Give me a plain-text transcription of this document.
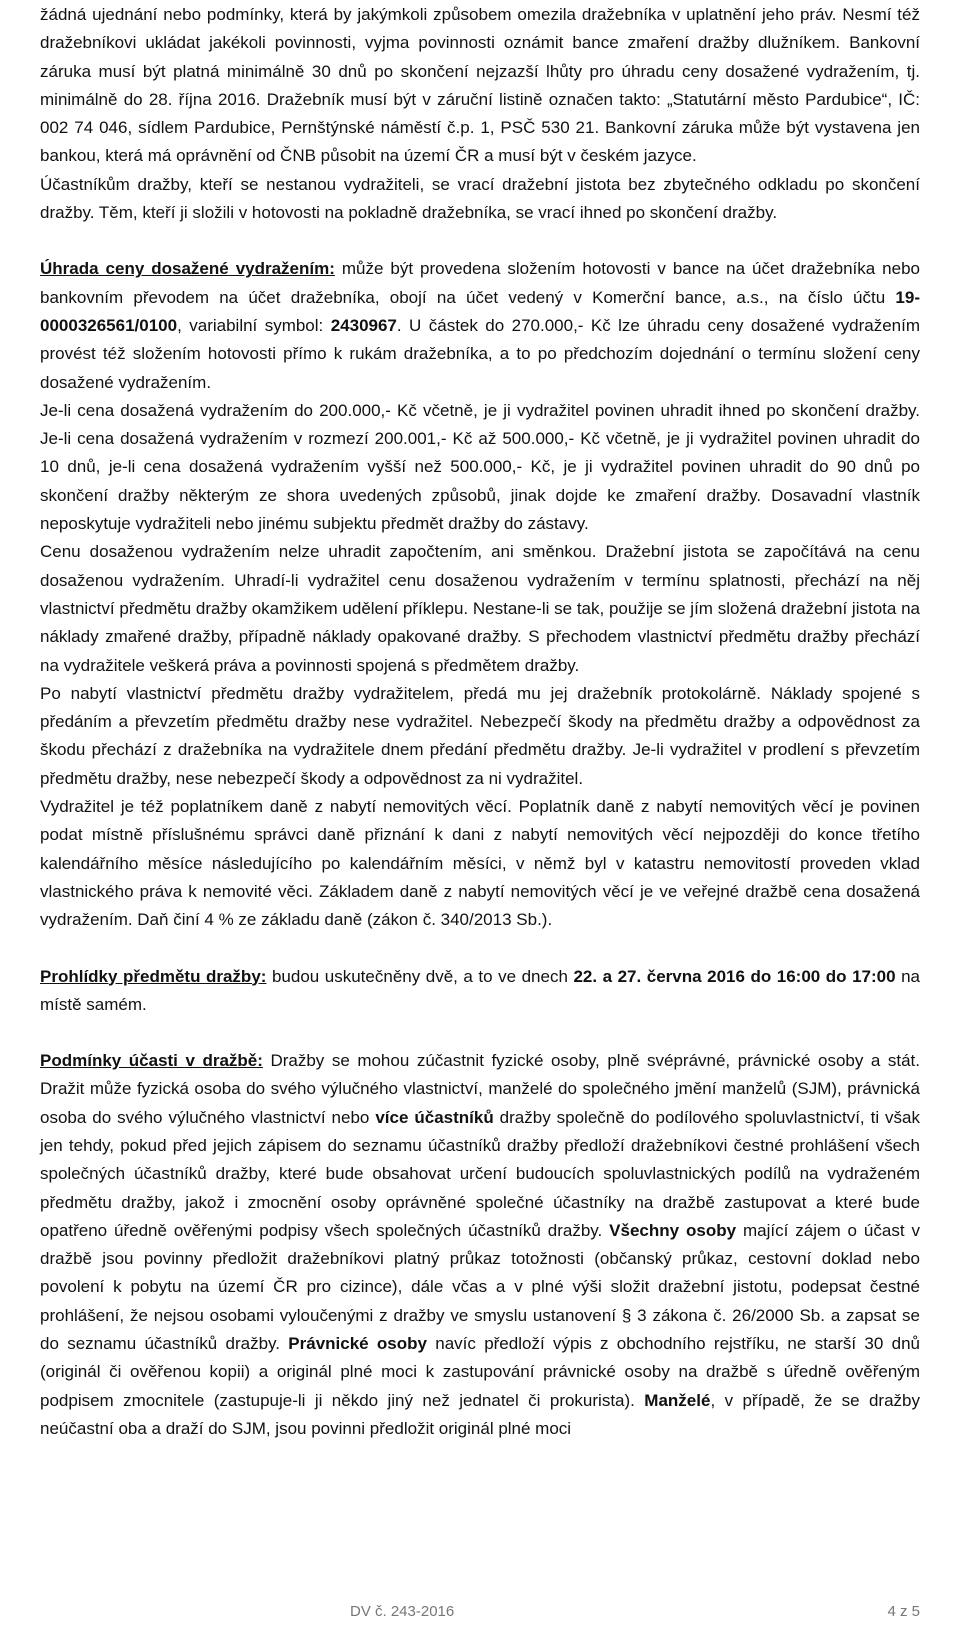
žádná ujednání nebo podmínky, která by jakýmkoli způsobem omezila dražebníka v uplatnění jeho práv. Nesmí též dražebníkovi ukládat jakékoli povinnosti, vyjma povinnosti oznámit bance zmaření dražby dlužníkem. Bankovní záruka musí být platná minimálně 30 dnů po skončení nejzazší lhůty pro úhradu ceny dosažené vydražením, tj. minimálně do 28. října 2016. Dražebník musí být v záruční listině označen takto: „Statutární město Pardubice“, IČ: 002 74 046, sídlem Pardubice, Pernštýnské náměstí č.p. 1, PSČ 530 21. Bankovní záruka může být vystavena jen bankou, která má oprávnění od ČNB působit na území ČR a musí být v českém jazyce.

Účastníkům dražby, kteří se nestanou vydražiteli, se vrací dražební jistota bez zbytečného odkladu po skončení dražby. Těm, kteří ji složili v hotovosti na pokladně dražebníka, se vrací ihned po skončení dražby.

Úhrada ceny dosažené vydražením: může být provedena složením hotovosti v bance na účet dražebníka nebo bankovním převodem na účet dražebníka, obojí na účet vedený v Komerční bance, a.s., na číslo účtu 19-0000326561/0100, variabilní symbol: 2430967. U částek do 270.000,- Kč lze úhradu ceny dosažené vydražením provést též složením hotovosti přímo k rukám dražebníka, a to po předchozím dojednání o termínu složení ceny dosažené vydražením.

Je-li cena dosažená vydražením do 200.000,- Kč včetně, je ji vydražitel povinen uhradit ihned po skončení dražby. Je-li cena dosažená vydražením v rozmezí 200.001,- Kč až 500.000,- Kč včetně, je ji vydražitel povinen uhradit do 10 dnů, je-li cena dosažená vydražením vyšší než 500.000,- Kč, je ji vydražitel povinen uhradit do 90 dnů po skončení dražby některým ze shora uvedených způsobů, jinak dojde ke zmaření dražby. Dosavadní vlastník neposkytuje vydražiteli nebo jinému subjektu předmět dražby do zástavy.

Cenu dosaženou vydražením nelze uhradit započtením, ani směnkou. Dražební jistota se započítává na cenu dosaženou vydražením. Uhradí-li vydražitel cenu dosaženou vydražením v termínu splatnosti, přechází na něj vlastnictví předmětu dražby okamžikem udělení příklepu. Nestane-li se tak, použije se jím složená dražební jistota na náklady zmařené dražby, případně náklady opakované dražby. S přechodem vlastnictví předmětu dražby přechází na vydražitele veškerá práva a povinnosti spojená s předmětem dražby.

Po nabytí vlastnictví předmětu dražby vydražitelem, předá mu jej dražebník protokolárně. Náklady spojené s předáním a převzetím předmětu dražby nese vydražitel. Nebezpečí škody na předmětu dražby a odpovědnost za škodu přechází z dražebníka na vydražitele dnem předání předmětu dražby. Je-li vydražitel v prodlení s převzetím předmětu dražby, nese nebezpečí škody a odpovědnost za ni vydražitel.

Vydražitel je též poplatníkem daně z nabytí nemovitých věcí. Poplatník daně z nabytí nemovitých věcí je povinen podat místně příslušnému správci daně přiznání k dani z nabytí nemovitých věcí nejpozději do konce třetího kalendářního měsíce následujícího po kalendářním měsíci, v němž byl v katastru nemovitostí proveden vklad vlastnického práva k nemovité věci. Základem daně z nabytí nemovitých věcí je ve veřejné dražbě cena dosažená vydražením. Daň činí 4 % ze základu daně (zákon č. 340/2013 Sb.).

Prohlídky předmětu dražby: budou uskutečněny dvě, a to ve dnech 22. a 27. června 2016 do 16:00 do 17:00 na místě samém.

Podmínky účasti v dražbě: Dražby se mohou zúčastnit fyzické osoby, plně svéprávné, právnické osoby a stát. Dražit může fyzická osoba do svého výlučného vlastnictví, manželé do společného jmění manželů (SJM), právnická osoba do svého výlučného vlastnictví nebo více účastníků dražby společně do podílového spoluvlastnictví, ti však jen tehdy, pokud před jejich zápisem do seznamu účastníků dražby předloží dražebníkovi čestné prohlášení všech společných účastníků dražby, které bude obsahovat určení budoucích spoluvlastnických podílů na vydraženém předmětu dražby, jakož i zmocnění osoby oprávněné společné účastníky na dražbě zastupovat a které bude opatřeno úředně ověřenými podpisy všech společných účastníků dražby. Všechny osoby mající zájem o účast v dražbě jsou povinny předložit dražebníkovi platný průkaz totožnosti (občanský průkaz, cestovní doklad nebo povolení k pobytu na území ČR pro cizince), dále včas a v plné výši složit dražební jistotu, podepsat čestné prohlášení, že nejsou osobami vyloučenými z dražby ve smyslu ustanovení § 3 zákona č. 26/2000 Sb. a zapsat se do seznamu účastníků dražby. Právnické osoby navíc předloží výpis z obchodního rejstříku, ne starší 30 dnů (originál či ověřenou kopii) a originál plné moci k zastupování právnické osoby na dražbě s úředně ověřeným podpisem zmocnitele (zastupuje-li ji někdo jiný než jednatel či prokurista). Manželé, v případě, že se dražby neúčastní oba a draží do SJM, jsou povinni předložit originál plné moci

DV č. 243-2016	4 z 5
